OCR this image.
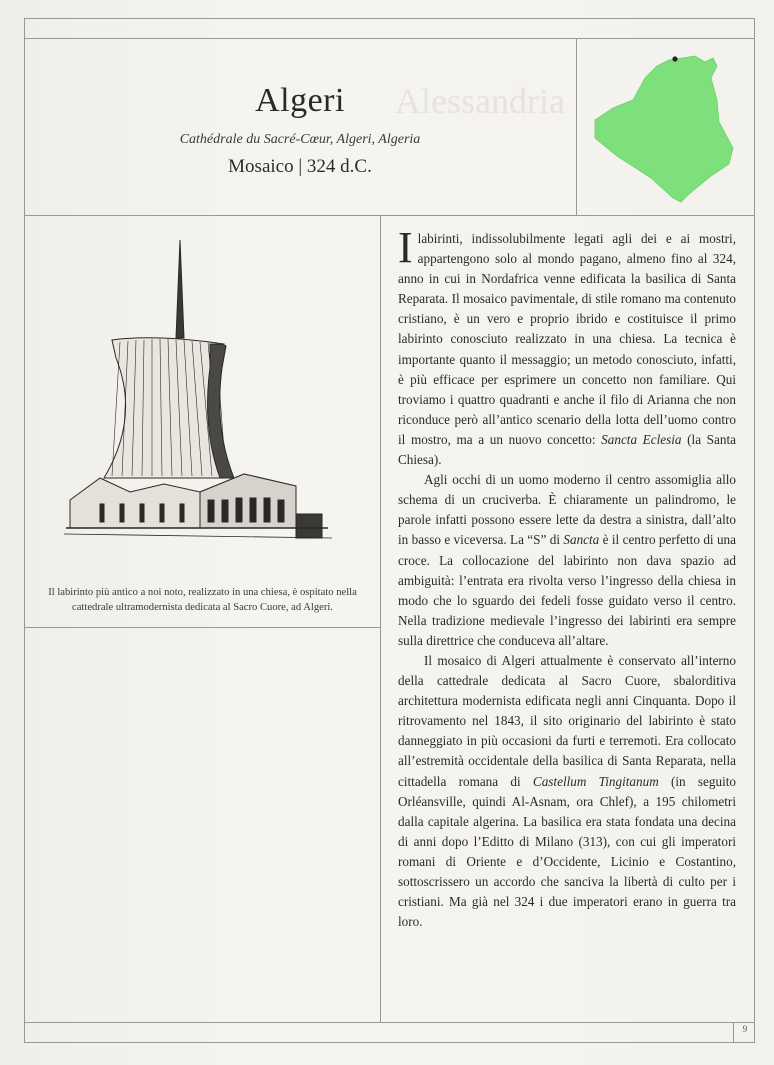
Alessandria
Algeri
Cathédrale du Sacré-Cœur, Algeri, Algeria
Mosaico | 324 d.C.
Il labirinto più antico a noi noto, realizzato in una chiesa, è ospitato nella cattedrale ultramodernista dedicata al Sacro Cuore, ad Algeri.

Ilabirinti, indissolubilmente legati agli dei e ai mostri, appartengono solo al mondo pagano, almeno fino al 324, anno in cui in Nordafrica venne edificata la basilica di Santa Reparata. Il mosaico pavimentale, di stile romano ma contenuto cristiano, è un vero e proprio ibrido e costituisce il primo labirinto conosciuto realizzato in una chiesa. La tecnica è importante quanto il messaggio; un metodo conosciuto, infatti, è più efficace per esprimere un concetto non familiare. Qui troviamo i quattro quadranti e anche il filo di Arianna che non riconduce però all’antico scenario della lotta dell’uomo contro il mostro, ma a un nuovo concetto: Sancta Eclesia (la Santa Chiesa).

Agli occhi di un uomo moderno il centro assomiglia allo schema di un cruciverba. È chiaramente un palindromo, le parole infatti possono essere lette da destra a sinistra, dall’alto in basso e viceversa. La “S” di Sancta è il centro perfetto di una croce. La collocazione del labirinto non dava spazio ad ambiguità: l’entrata era rivolta verso l’ingresso della chiesa in modo che lo sguardo dei fedeli fosse guidato verso il centro. Nella tradizione medievale l’ingresso dei labirinti era sempre sulla direttrice che conduceva all’altare.

Il mosaico di Algeri attualmente è conservato all’interno della cattedrale dedicata al Sacro Cuore, sbalorditiva architettura modernista edificata negli anni Cinquanta. Dopo il ritrovamento nel 1843, il sito originario del labirinto è stato danneggiato in più occasioni da furti e terremoti. Era collocato all’estremità occidentale della basilica di Santa Reparata, nella cittadella romana di Castellum Tingitanum (in seguito Orléansville, quindi Al-Asnam, ora Chlef), a 195 chilometri dalla capitale algerina. La basilica era stata fondata una decina di anni dopo l’Editto di Milano (313), con cui gli imperatori romani di Oriente e d’Occidente, Licinio e Costantino, sottoscrissero un accordo che sanciva la libertà di culto per i cristiani. Ma già nel 324 i due imperatori erano in guerra tra loro.

9
